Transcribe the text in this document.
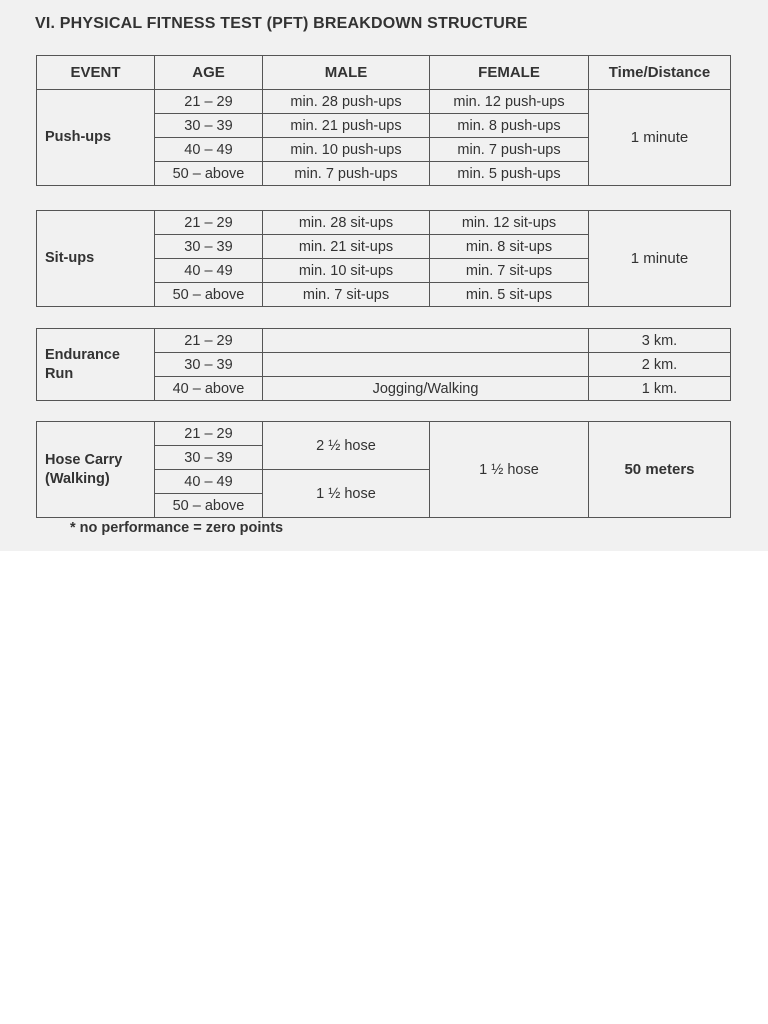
VI. PHYSICAL FITNESS TEST (PFT) BREAKDOWN STRUCTURE
EVENT	AGE	MALE	FEMALE	Time/Distance
Push-ups	21 – 29	min. 28 push-ups	min. 12 push-ups	1 minute
	30 – 39	min. 21 push-ups	min. 8 push-ups	
	40 – 49	min. 10 push-ups	min. 7 push-ups	
	50 – above	min. 7 push-ups	min. 5 push-ups	
Sit-ups	21 – 29	min. 28 sit-ups	min. 12 sit-ups	1 minute
	30 – 39	min. 21 sit-ups	min. 8 sit-ups	
	40 – 49	min. 10 sit-ups	min. 7 sit-ups	
	50 – above	min. 7 sit-ups	min. 5 sit-ups	
Endurance Run	21 – 29		3 km.
	30 – 39		2 km.
	40 – above	Jogging/Walking	1 km.
Hose Carry (Walking)	21 – 29	2 ½ hose	1 ½ hose	50 meters
	30 – 39			
	40 – 49	1 ½ hose		
	50 – above			
* no performance = zero points
